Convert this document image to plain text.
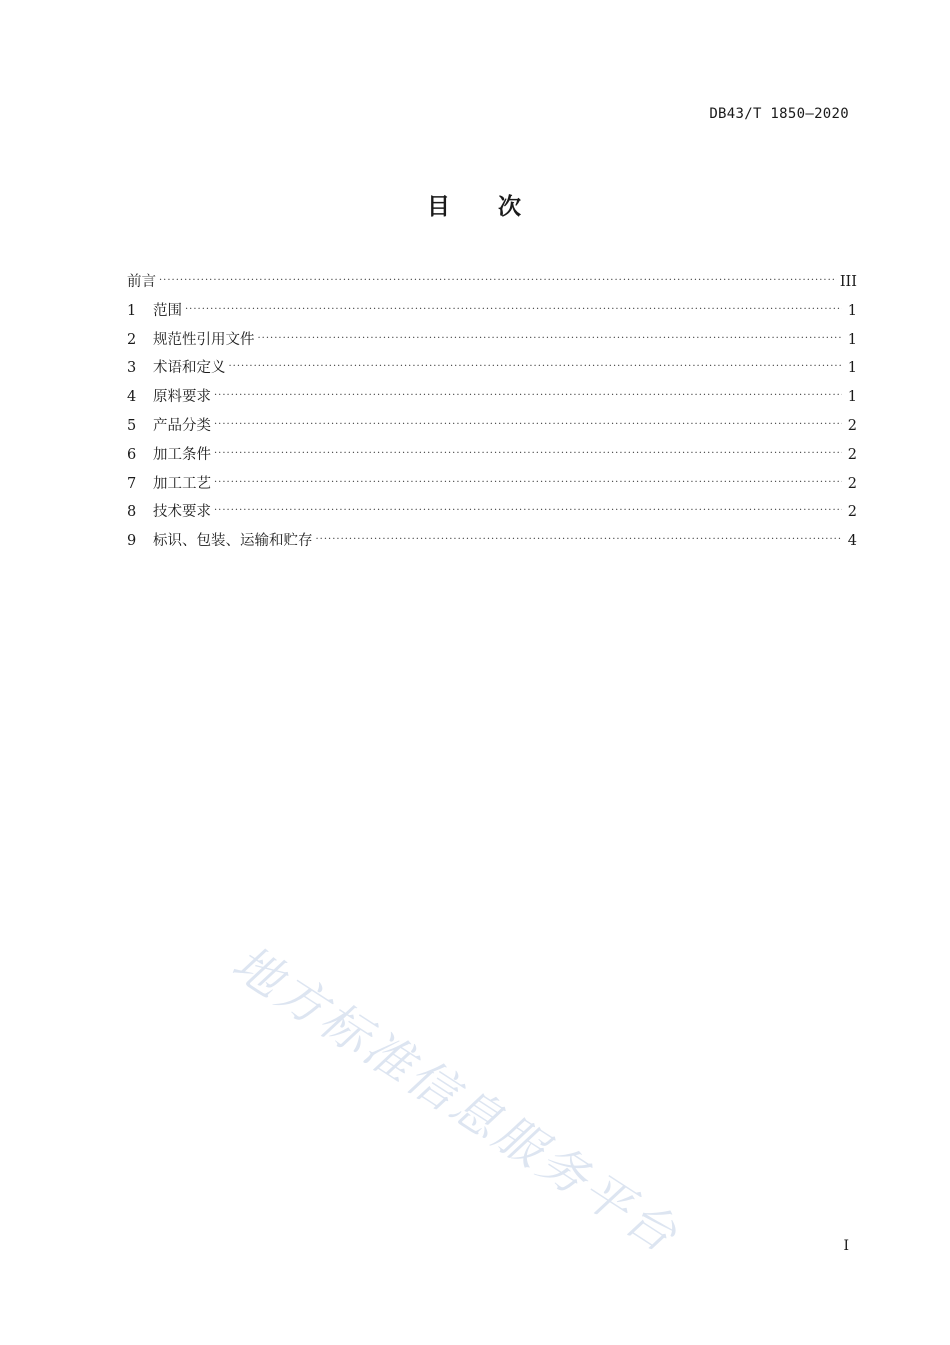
DB43/T 1850—2020
目 次
前言 ·····	III
1	范围 ·····	1
2	规范性引用文件 ·····	1
3	术语和定义 ·····	1
4	原料要求 ·····	1
5	产品分类 ·····	2
6	加工条件 ·····	2
7	加工工艺 ·····	2
8	技术要求 ·····	2
9	标识、包装、运输和贮存 ·····	4
地方标准信息服务平台	I
